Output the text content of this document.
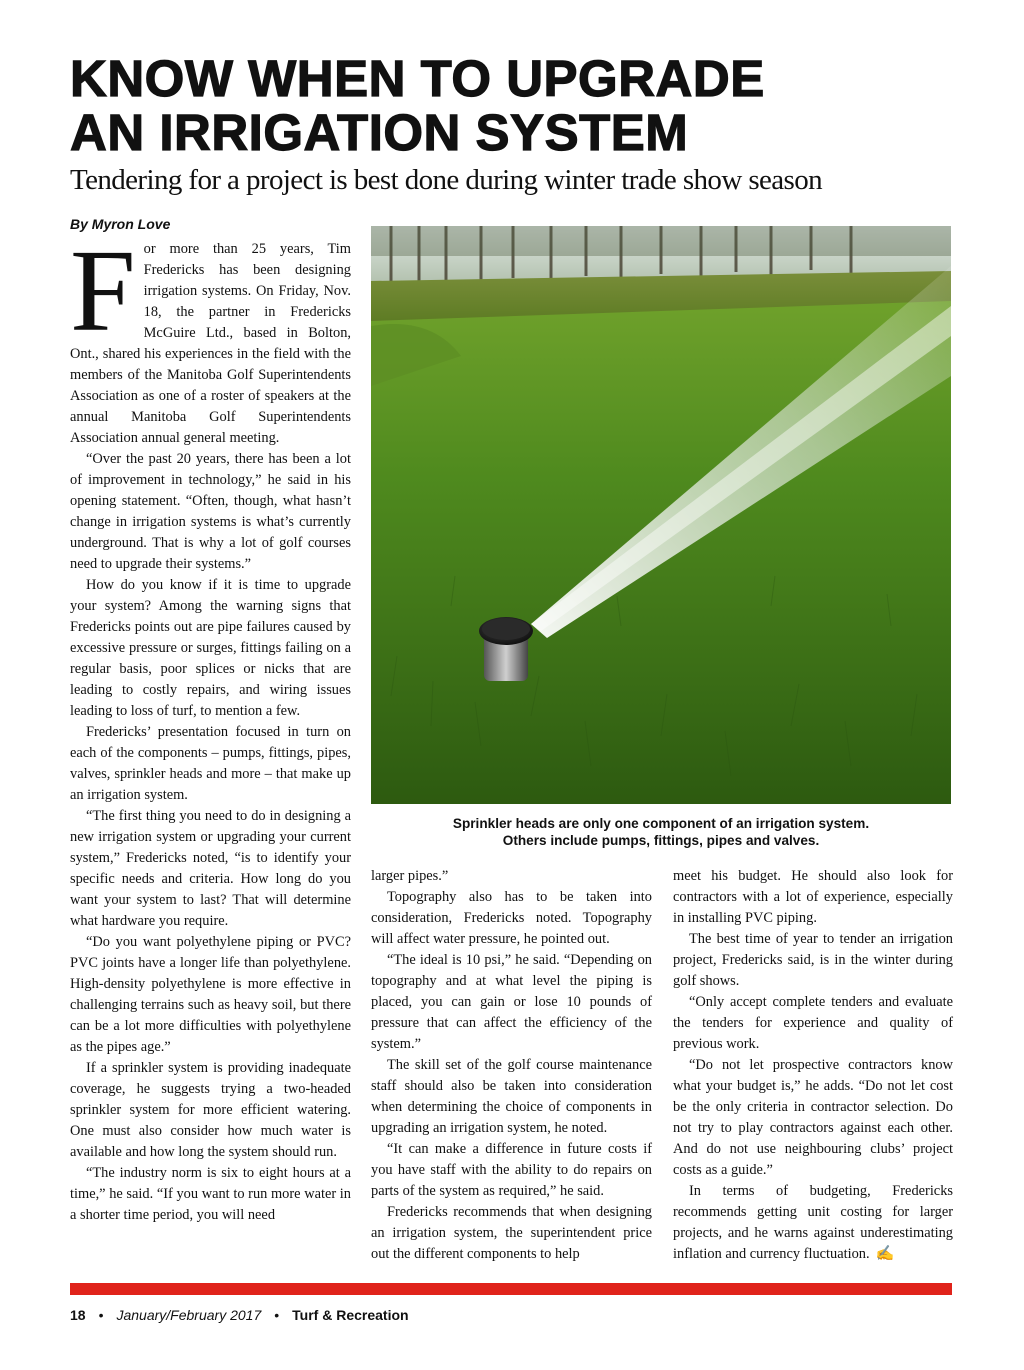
KNOW WHEN TO UPGRADE
AN IRRIGATION SYSTEM

Tendering for a project is best done during winter trade show season

By Myron Love

For more than 25 years, Tim Fredericks has been designing irrigation systems. On Friday, Nov. 18, the partner in Fredericks McGuire Ltd., based in Bolton, Ont., shared his experiences in the field with the members of the Manitoba Golf Superintendents Association as one of a roster of speakers at the annual Manitoba Golf Superintendents Association annual general meeting.

“Over the past 20 years, there has been a lot of improvement in technology,” he said in his opening statement. “Often, though, what hasn’t change in irrigation systems is what’s currently underground. That is why a lot of golf courses need to upgrade their systems.”

How do you know if it is time to upgrade your system? Among the warning signs that Fredericks points out are pipe failures caused by excessive pressure or surges, fittings failing on a regular basis, poor splices or nicks that are leading to costly repairs, and wiring issues leading to loss of turf, to mention a few.

Fredericks’ presentation focused in turn on each of the components – pumps, fittings, pipes, valves, sprinkler heads and more – that make up an irrigation system.

“The first thing you need to do in designing a new irrigation system or upgrading your current system,” Fredericks noted, “is to identify your specific needs and criteria. How long do you want your system to last? That will determine what hardware you require.

“Do you want polyethylene piping or PVC? PVC joints have a longer life than polyethylene. High-density polyethylene is more effective in challenging terrains such as heavy soil, but there can be a lot more difficulties with polyethylene as the pipes age.”

If a sprinkler system is providing inadequate coverage, he suggests trying a two-headed sprinkler system for more efficient watering. One must also consider how much water is available and how long the system should run.

“The industry norm is six to eight hours at a time,” he said. “If you want to run more water in a shorter time period, you will need

Sprinkler heads are only one component of an irrigation system.
Others include pumps, fittings, pipes and valves.

larger pipes.”

Topography also has to be taken into consideration, Fredericks noted. Topography will affect water pressure, he pointed out.

“The ideal is 10 psi,” he said. “Depending on topography and at what level the piping is placed, you can gain or lose 10 pounds of pressure that can affect the efficiency of the system.”

The skill set of the golf course maintenance staff should also be taken into consideration when determining the choice of components in upgrading an irrigation system, he noted.

“It can make a difference in future costs if you have staff with the ability to do repairs on parts of the system as required,” he said.

Fredericks recommends that when designing an irrigation system, the superintendent price out the different components to help

meet his budget. He should also look for contractors with a lot of experience, especially in installing PVC piping.

The best time of year to tender an irrigation project, Fredericks said, is in the winter during golf shows.

“Only accept complete tenders and evaluate the tenders for experience and quality of previous work.

“Do not let prospective contractors know what your budget is,” he adds. “Do not let cost be the only criteria in contractor selection. Do not try to play contractors against each other. And do not use neighbouring clubs’ project costs as a guide.”

In terms of budgeting, Fredericks recommends getting unit costing for larger projects, and he warns against underestimating inflation and currency fluctuation. ✍

18 • January/February 2017 • Turf & Recreation
